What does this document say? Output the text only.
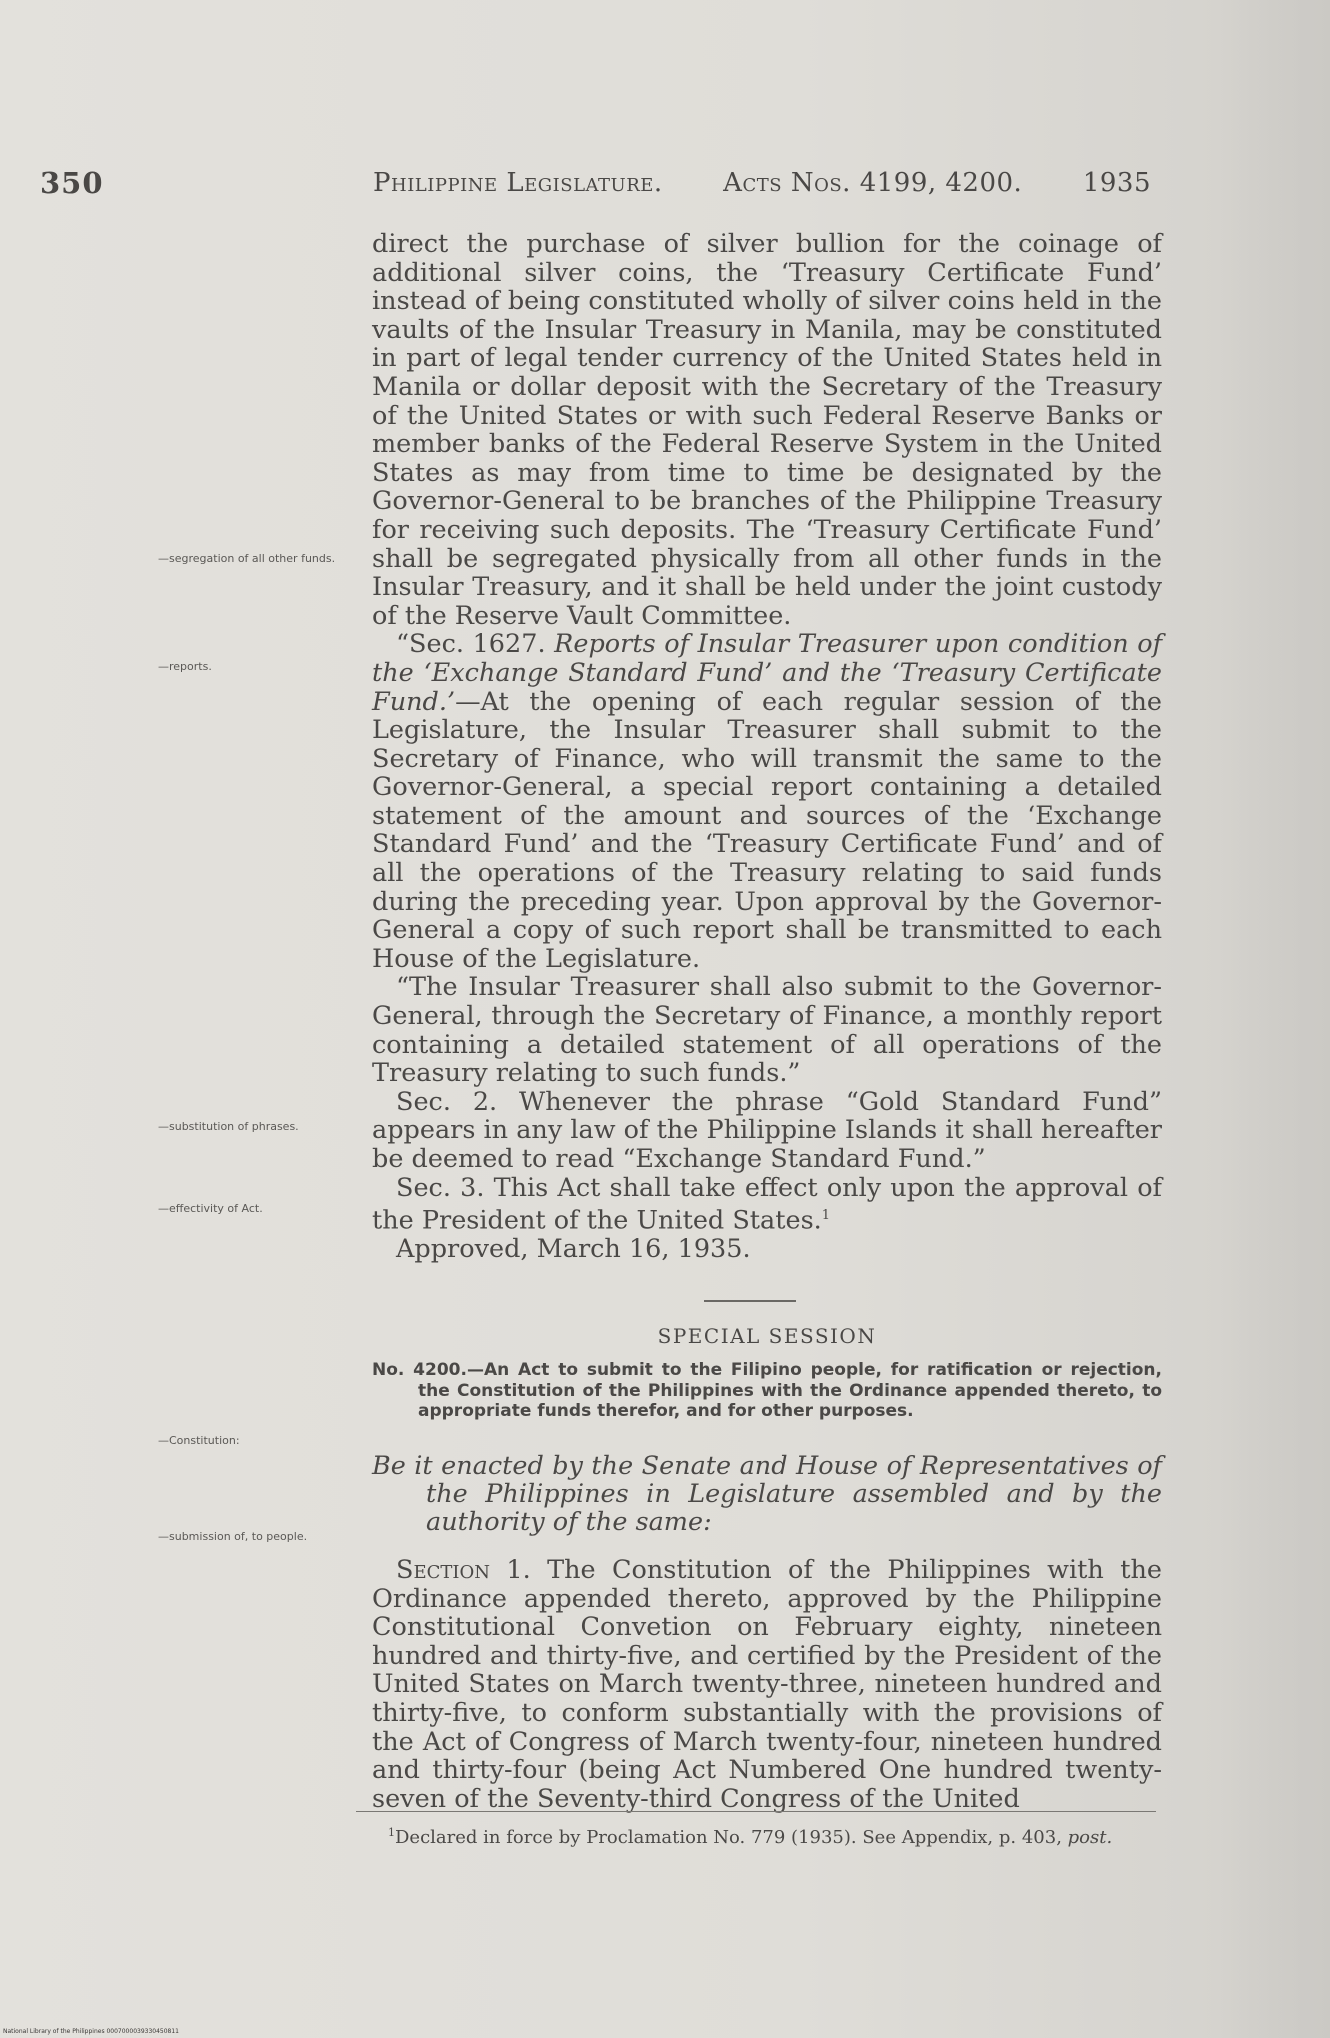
350	Philippine Legislature. Acts Nos. 4199, 4200. 1935
—segregation of all other funds.
—reports.
—substitution of phrases.
—effectivity of Act.
—Constitution:
—submission of, to people.

direct the purchase of silver bullion for the coinage of additional silver coins, the ‘Treasury Certificate Fund’ instead of being constituted wholly of silver coins held in the vaults of the Insular Treasury in Manila, may be constituted in part of legal tender currency of the United States held in Manila or dollar deposit with the Secretary of the Treasury of the United States or with such Federal Reserve Banks or member banks of the Federal Reserve System in the United States as may from time to time be designated by the Governor-General to be branches of the Philippine Treasury for receiving such deposits. The ‘Treasury Certificate Fund’ shall be segregated physically from all other funds in the Insular Treasury, and it shall be held under the joint custody of the Reserve Vault Committee.

“Sec. 1627. Reports of Insular Treasurer upon condition of the ‘Exchange Standard Fund’ and the ‘Treasury Certificate Fund.’—At the opening of each regular session of the Legislature, the Insular Treasurer shall submit to the Secretary of Finance, who will transmit the same to the Governor-General, a special report containing a detailed statement of the amount and sources of the ‘Exchange Standard Fund’ and the ‘Treasury Certificate Fund’ and of all the operations of the Treasury relating to said funds during the preceding year. Upon approval by the Governor-General a copy of such report shall be transmitted to each House of the Legislature.

“The Insular Treasurer shall also submit to the Governor-General, through the Secretary of Finance, a monthly report containing a detailed statement of all operations of the Treasury relating to such funds.”

Sec. 2. Whenever the phrase “Gold Standard Fund” appears in any law of the Philippine Islands it shall hereafter be deemed to read “Exchange Standard Fund.”

Sec. 3. This Act shall take effect only upon the approval of the President of the United States.$^1$

Approved, March 16, 1935.

SPECIAL SESSION
No. 4200.—An Act to submit to the Filipino people, for ratification or rejection, the Constitution of the Philippines with the Ordinance appended thereto, to appropriate funds therefor, and for other purposes.
Be it enacted by the Senate and House of Representatives of the Philippines in Legislature assembled and by the authority of the same:

Section 1. The Constitution of the Philippines with the Ordinance appended thereto, approved by the Philippine Constitutional Convetion on February eighty, nineteen hundred and thirty-five, and certified by the President of the United States on March twenty-three, nineteen hundred and thirty-five, to conform substantially with the provisions of the Act of Congress of March twenty-four, nineteen hundred and thirty-four (being Act Numbered One hundred twenty-seven of the Seventy-third Congress of the United

$^1$Declared in force by Proclamation No. 779 (1935). See Appendix, p. 403, post.
National Library of the Philippines 0007000039330450811
